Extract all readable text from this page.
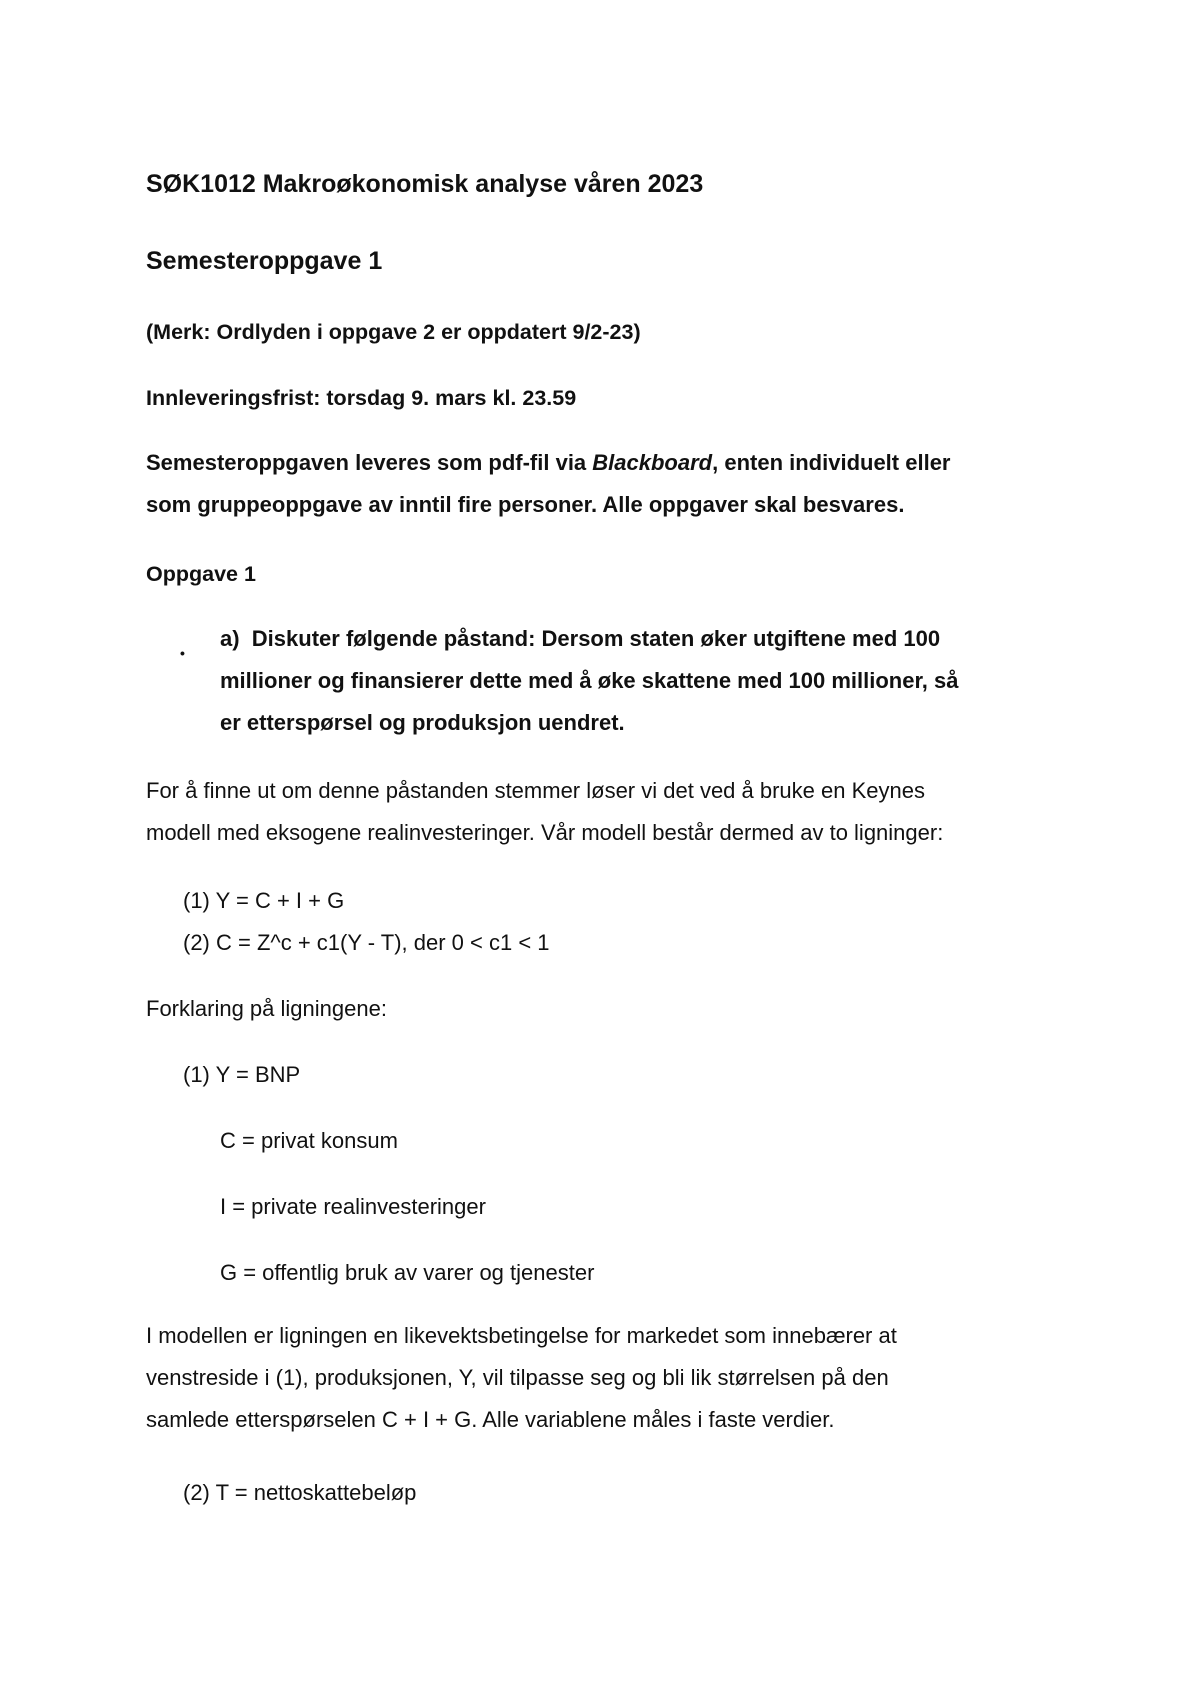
SØK1012 Makroøkonomisk analyse våren 2023
Semesteroppgave 1
(Merk: Ordlyden i oppgave 2 er oppdatert 9/2-23)
Innleveringsfrist: torsdag 9. mars kl. 23.59
Semesteroppgaven leveres som pdf-fil via Blackboard, enten individuelt eller
som gruppeoppgave av inntil fire personer. Alle oppgaver skal besvares.
Oppgave 1
•
a) Diskuter følgende påstand: Dersom staten øker utgiftene med 100
millioner og finansierer dette med å øke skattene med 100 millioner, så
er etterspørsel og produksjon uendret.
For å finne ut om denne påstanden stemmer løser vi det ved å bruke en Keynes
modell med eksogene realinvesteringer. Vår modell består dermed av to ligninger:
(1) Y = C + I + G
(2) C = Z^c + c1(Y - T), der 0 < c1 < 1
Forklaring på ligningene:
(1) Y = BNP
C = privat konsum
I = private realinvesteringer
G = offentlig bruk av varer og tjenester
I modellen er ligningen en likevektsbetingelse for markedet som innebærer at
venstreside i (1), produksjonen, Y, vil tilpasse seg og bli lik størrelsen på den
samlede etterspørselen C + I + G. Alle variablene måles i faste verdier.
(2) T = nettoskattebeløp
